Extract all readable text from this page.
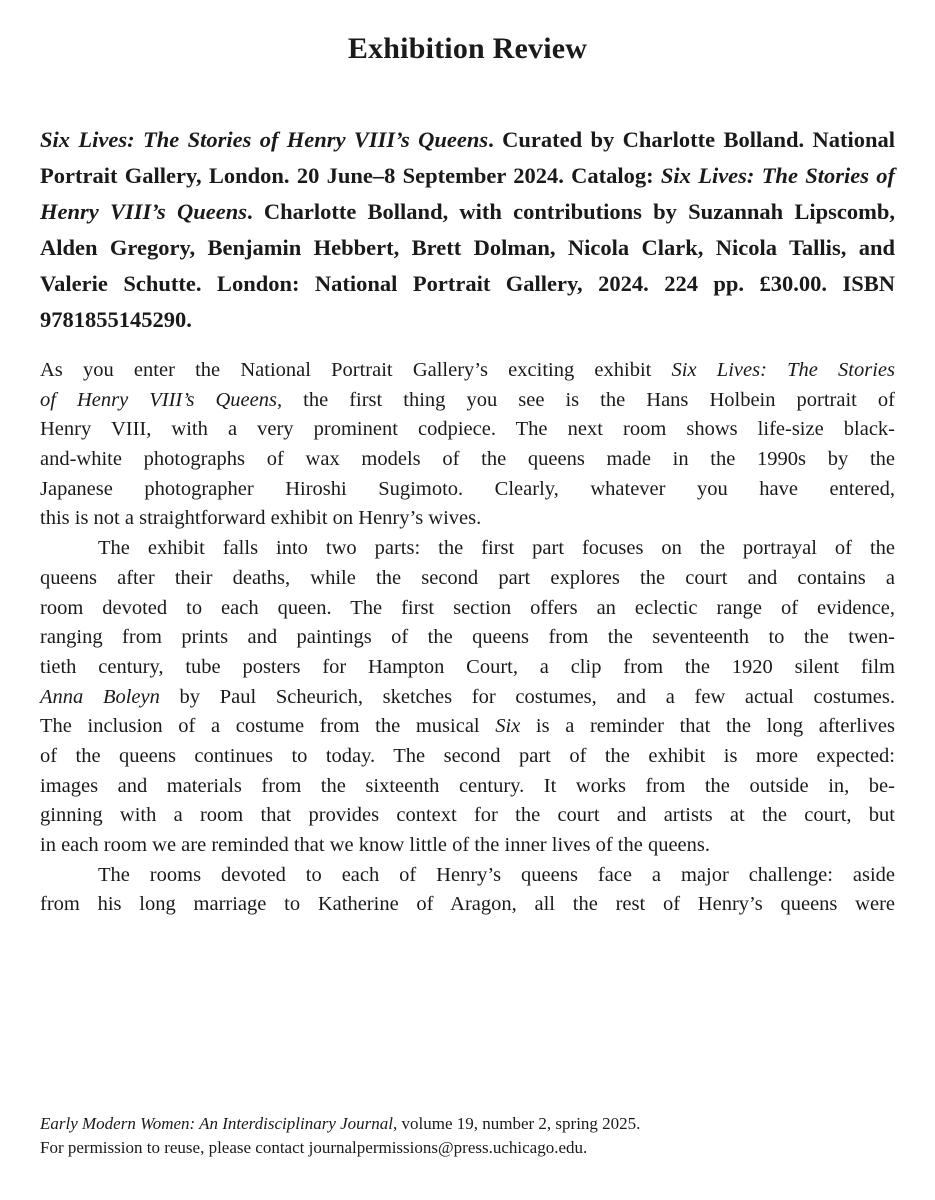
Exhibition Review
Six Lives: The Stories of Henry VIII’s Queens. Curated by Charlotte Bolland. National Portrait Gallery, London. 20 June–8 September 2024. Catalog: Six Lives: The Stories of Henry VIII’s Queens. Charlotte Bolland, with contributions by Suzannah Lipscomb, Alden Gregory, Benjamin Hebbert, Brett Dolman, Nicola Clark, Nicola Tallis, and Valerie Schutte. London: National Portrait Gallery, 2024. 224 pp. £30.00. ISBN 9781855145290.
As you enter the National Portrait Gallery’s exciting exhibit Six Lives: The Stories
of Henry VIII’s Queens, the first thing you see is the Hans Holbein portrait of
Henry VIII, with a very prominent codpiece. The next room shows life-size black-
and-white photographs of wax models of the queens made in the 1990s by the
Japanese photographer Hiroshi Sugimoto. Clearly, whatever you have entered,
this is not a straightforward exhibit on Henry’s wives.
The exhibit falls into two parts: the first part focuses on the portrayal of the
queens after their deaths, while the second part explores the court and contains a
room devoted to each queen. The first section offers an eclectic range of evidence,
ranging from prints and paintings of the queens from the seventeenth to the twen-
tieth century, tube posters for Hampton Court, a clip from the 1920 silent film
Anna Boleyn by Paul Scheurich, sketches for costumes, and a few actual costumes.
The inclusion of a costume from the musical Six is a reminder that the long afterlives
of the queens continues to today. The second part of the exhibit is more expected:
images and materials from the sixteenth century. It works from the outside in, be-
ginning with a room that provides context for the court and artists at the court, but
in each room we are reminded that we know little of the inner lives of the queens.
The rooms devoted to each of Henry’s queens face a major challenge: aside
from his long marriage to Katherine of Aragon, all the rest of Henry’s queens were
Early Modern Women: An Interdisciplinary Journal, volume 19, number 2, spring 2025.
For permission to reuse, please contact journalpermissions@press.uchicago.edu.
